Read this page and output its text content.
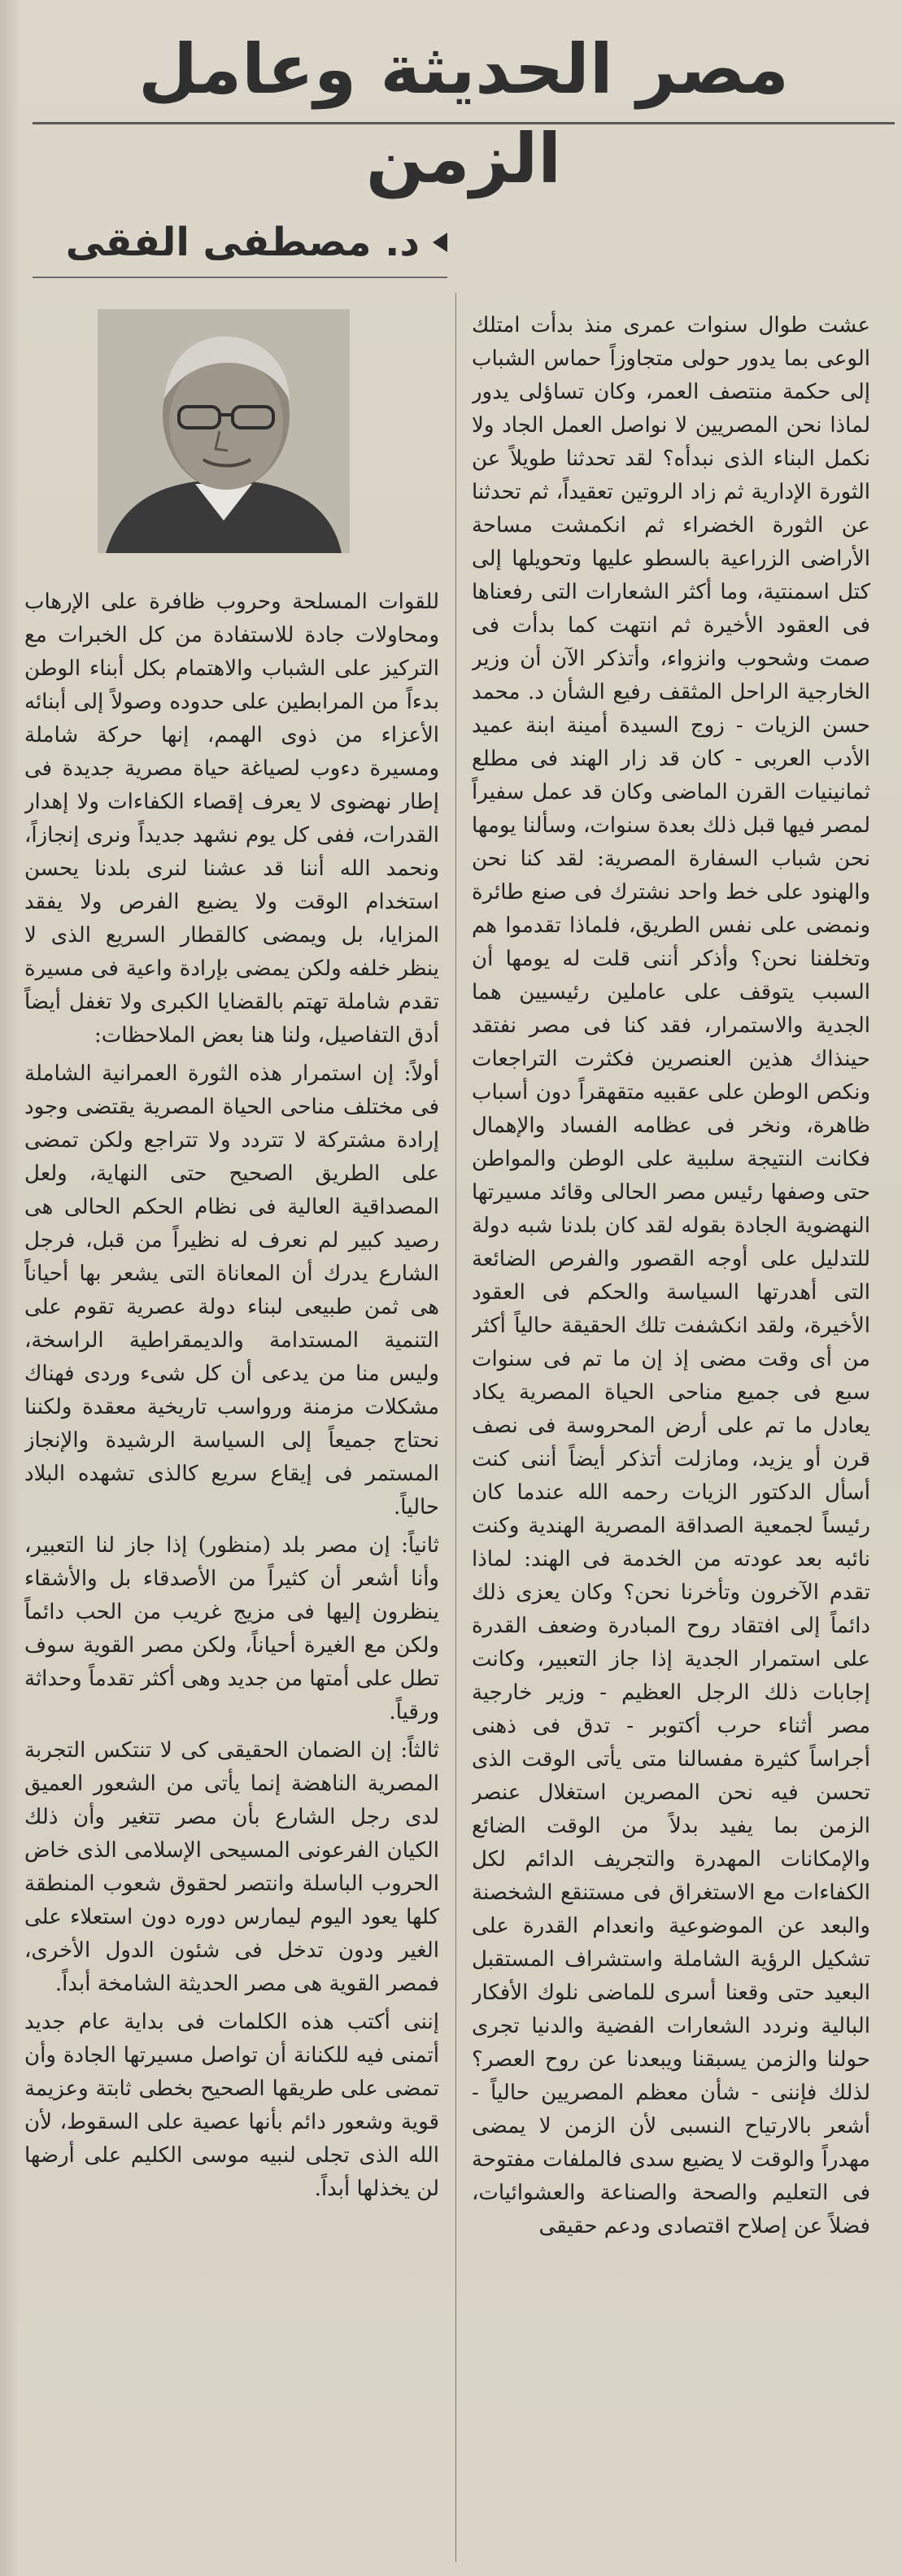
مصر الحديثة وعامل الزمن
د. مصطفى الفقى

عشت طوال سنوات عمرى منذ بدأت امتلك الوعى بما يدور حولى متجاوزاً حماس الشباب إلى حكمة منتصف العمر، وكان تساؤلى يدور لماذا نحن المصريين لا نواصل العمل الجاد ولا نكمل البناء الذى نبدأه؟ لقد تحدثنا طويلاً عن الثورة الإدارية ثم زاد الروتين تعقيداً، ثم تحدثنا عن الثورة الخضراء ثم انكمشت مساحة الأراضى الزراعية بالسطو عليها وتحويلها إلى كتل اسمنتية، وما أكثر الشعارات التى رفعناها فى العقود الأخيرة ثم انتهت كما بدأت فى صمت وشحوب وانزواء، وأتذكر الآن أن وزير الخارجية الراحل المثقف رفيع الشأن د. محمد حسن الزيات - زوج السيدة أمينة ابنة عميد الأدب العربى - كان قد زار الهند فى مطلع ثمانينيات القرن الماضى وكان قد عمل سفيراً لمصر فيها قبل ذلك بعدة سنوات، وسألنا يومها نحن شباب السفارة المصرية: لقد كنا نحن والهنود على خط واحد نشترك فى صنع طائرة ونمضى على نفس الطريق، فلماذا تقدموا هم وتخلفنا نحن؟ وأذكر أننى قلت له يومها أن السبب يتوقف على عاملين رئيسيين هما الجدية والاستمرار، فقد كنا فى مصر نفتقد حينذاك هذين العنصرين فكثرت التراجعات ونكص الوطن على عقبيه متقهقراً دون أسباب ظاهرة، ونخر فى عظامه الفساد والإهمال فكانت النتيجة سلبية على الوطن والمواطن حتى وصفها رئيس مصر الحالى وقائد مسيرتها النهضوية الجادة بقوله لقد كان بلدنا شبه دولة للتدليل على أوجه القصور والفرص الضائعة التى أهدرتها السياسة والحكم فى العقود الأخيرة، ولقد انكشفت تلك الحقيقة حالياً أكثر من أى وقت مضى إذ إن ما تم فى سنوات سبع فى جميع مناحى الحياة المصرية يكاد يعادل ما تم على أرض المحروسة فى نصف قرن أو يزيد، ومازلت أتذكر أيضاً أننى كنت أسأل الدكتور الزيات رحمه الله عندما كان رئيساً لجمعية الصداقة المصرية الهندية وكنت نائبه بعد عودته من الخدمة فى الهند: لماذا تقدم الآخرون وتأخرنا نحن؟ وكان يعزى ذلك دائماً إلى افتقاد روح المبادرة وضعف القدرة على استمرار الجدية إذا جاز التعبير، وكانت إجابات ذلك الرجل العظيم - وزير خارجية مصر أثناء حرب أكتوبر - تدق فى ذهنى أجراساً كثيرة مفسالنا متى يأتى الوقت الذى تحسن فيه نحن المصرين استغلال عنصر الزمن بما يفيد بدلاً من الوقت الضائع والإمكانات المهدرة والتجريف الدائم لكل الكفاءات مع الاستغراق فى مستنقع الشخصنة والبعد عن الموضوعية وانعدام القدرة على تشكيل الرؤية الشاملة واستشراف المستقبل البعيد حتى وقعنا أسرى للماضى نلوك الأفكار البالية ونردد الشعارات الفضية والدنيا تجرى حولنا والزمن يسبقنا ويبعدنا عن روح العصر؟ لذلك فإننى - شأن معظم المصريين حالياً - أشعر بالارتياح النسبى لأن الزمن لا يمضى مهدراً والوقت لا يضيع سدى فالملفات مفتوحة فى التعليم والصحة والصناعة والعشوائيات، فضلاً عن إصلاح اقتصادى ودعم حقيقى

للقوات المسلحة وحروب ظافرة على الإرهاب ومحاولات جادة للاستفادة من كل الخبرات مع التركيز على الشباب والاهتمام بكل أبناء الوطن بدءاً من المرابطين على حدوده وصولاً إلى أبنائه الأعزاء من ذوى الهمم، إنها حركة شاملة ومسيرة دءوب لصياغة حياة مصرية جديدة فى إطار نهضوى لا يعرف إقصاء الكفاءات ولا إهدار القدرات، ففى كل يوم نشهد جديداً ونرى إنجازاً، ونحمد الله أننا قد عشنا لنرى بلدنا يحسن استخدام الوقت ولا يضيع الفرص ولا يفقد المزايا، بل ويمضى كالقطار السريع الذى لا ينظر خلفه ولكن يمضى بإرادة واعية فى مسيرة تقدم شاملة تهتم بالقضايا الكبرى ولا تغفل أيضاً أدق التفاصيل، ولنا هنا بعض الملاحظات:

أولاً: إن استمرار هذه الثورة العمرانية الشاملة فى مختلف مناحى الحياة المصرية يقتضى وجود إرادة مشتركة لا تتردد ولا تتراجع ولكن تمضى على الطريق الصحيح حتى النهاية، ولعل المصداقية العالية فى نظام الحكم الحالى هى رصيد كبير لم نعرف له نظيراً من قبل، فرجل الشارع يدرك أن المعاناة التى يشعر بها أحياناً هى ثمن طبيعى لبناء دولة عصرية تقوم على التنمية المستدامة والديمقراطية الراسخة، وليس منا من يدعى أن كل شىء وردى فهناك مشكلات مزمنة ورواسب تاريخية معقدة ولكننا نحتاج جميعاً إلى السياسة الرشيدة والإنجاز المستمر فى إيقاع سريع كالذى تشهده البلاد حالياً.

ثانياً: إن مصر بلد (منظور) إذا جاز لنا التعبير، وأنا أشعر أن كثيراً من الأصدقاء بل والأشقاء ينظرون إليها فى مزيج غريب من الحب دائماً ولكن مع الغيرة أحياناً، ولكن مصر القوية سوف تطل على أمتها من جديد وهى أكثر تقدماً وحداثة ورقياً.

ثالثاً: إن الضمان الحقيقى كى لا تنتكس التجربة المصرية الناهضة إنما يأتى من الشعور العميق لدى رجل الشارع بأن مصر تتغير وأن ذلك الكيان الفرعونى المسيحى الإسلامى الذى خاض الحروب الباسلة وانتصر لحقوق شعوب المنطقة كلها يعود اليوم ليمارس دوره دون استعلاء على الغير ودون تدخل فى شئون الدول الأخرى، فمصر القوية هى مصر الحديثة الشامخة أبداً.

إننى أكتب هذه الكلمات فى بداية عام جديد أتمنى فيه للكنانة أن تواصل مسيرتها الجادة وأن تمضى على طريقها الصحيح بخطى ثابتة وعزيمة قوية وشعور دائم بأنها عصية على السقوط، لأن الله الذى تجلى لنبيه موسى الكليم على أرضها لن يخذلها أبداً.
